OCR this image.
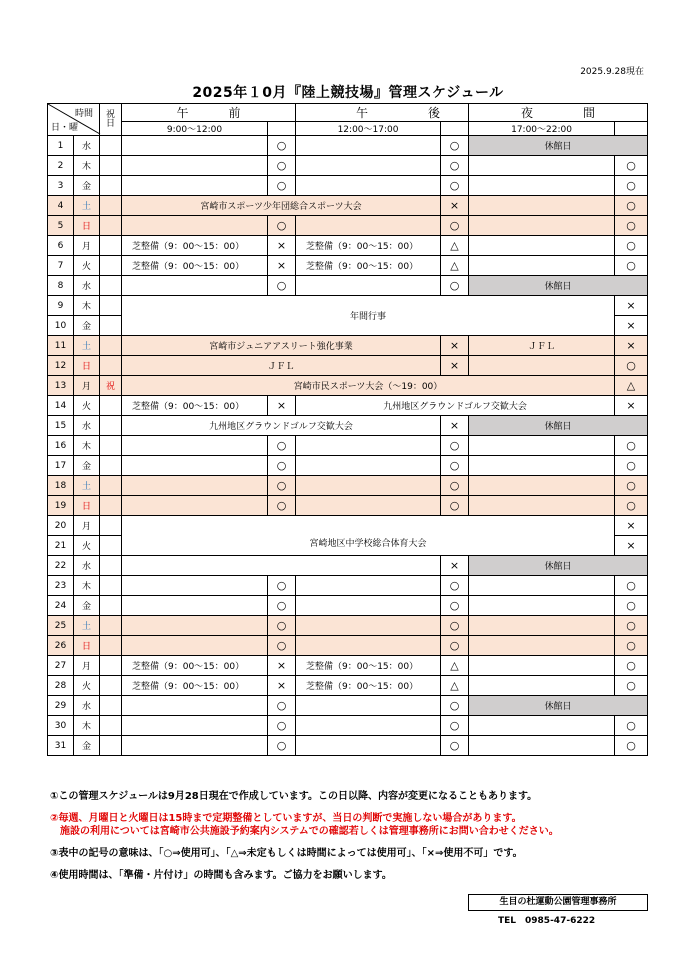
2025.9.28現在
2025年１0月『陸上競技場』管理スケジュール
時間
日・曜		祝日	午前		午後		夜間	
			9:00～12:00		12:00～17:00		17:00～22:00	
1	水			○		○	休館日	
2	木			○		○		○
3	金			○		○		○
4	土		宮崎市スポーツ少年団総合スポーツ大会			×		○
5	日			○		○		○
6	月		芝整備（9：00～15：00）	×	芝整備（9：00～15：00）	△		○
7	火		芝整備（9：00～15：00）	×	芝整備（9：00～15：00）	△		○
8	水			○		○	休館日	
9	木		年間行事					×
10	金							×
11	土		宮崎市ジュニアアスリート強化事業			×	ＪＦＬ	×
12	日		ＪＦＬ			×		○
13	月	祝	宮崎市民スポーツ大会（～19：00）					△
14	火		芝整備（9：00～15：00）	×	九州地区グラウンドゴルフ交歓大会			×
15	水		九州地区グラウンドゴルフ交歓大会			×	休館日	
16	木			○		○		○
17	金			○		○		○
18	土			○		○		○
19	日			○		○		○
20	月		宮崎地区中学校総合体育大会					×
21	火							×
22	水					×	休館日	
23	木			○		○		○
24	金			○		○		○
25	土			○		○		○
26	日			○		○		○
27	月		芝整備（9：00～15：00）	×	芝整備（9：00～15：00）	△		○
28	火		芝整備（9：00～15：00）	×	芝整備（9：00～15：00）	△		○
29	水			○		○	休館日	
30	木			○		○		○
31	金			○		○		○

①この管理スケジュールは9月28日現在で作成しています。この日以降、内容が変更になることもあります。

②毎週、月曜日と火曜日は15時まで定期整備としていますが、当日の判断で実施しない場合があります。
施設の利用については宮崎市公共施設予約案内システムでの確認若しくは管理事務所にお問い合わせください。

③表中の記号の意味は、「○⇒使用可」、「△⇒未定もしくは時間によっては使用可」、「×⇒使用不可」です。

④使用時間は、「準備・片付け」の時間も含みます。ご協力をお願いします。

生目の杜運動公園管理事務所
TEL　0985-47-6222
